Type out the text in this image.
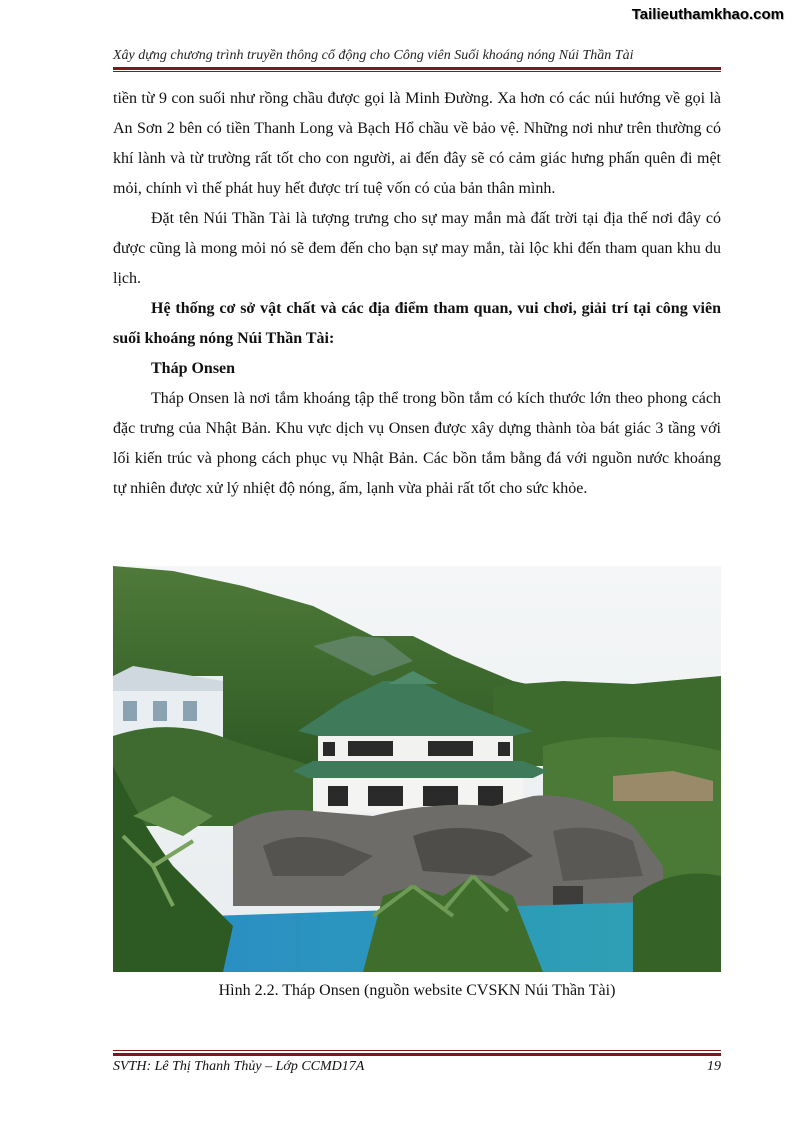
Tailieuthamkhao.com
Xây dựng chương trình truyền thông cổ động cho Công viên Suối khoáng nóng Núi Thần Tài

tiền từ 9 con suối như rồng chầu được gọi là Minh Đường. Xa hơn có các núi hướng về gọi là An Sơn 2 bên có tiền Thanh Long và Bạch Hổ chầu về bảo vệ. Những nơi như trên thường có khí lành và từ trường rất tốt cho con người, ai đến đây sẽ có cảm giác hưng phấn quên đi mệt mỏi, chính vì thế phát huy hết được trí tuệ vốn có của bản thân mình.

Đặt tên Núi Thần Tài là tượng trưng cho sự may mắn mà đất trời tại địa thế nơi đây có được cũng là mong mỏi nó sẽ đem đến cho bạn sự may mắn, tài lộc khi đến tham quan khu du lịch.

Hệ thống cơ sở vật chất và các địa điểm tham quan, vui chơi, giải trí tại công viên suối khoáng nóng Núi Thần Tài:

Tháp Onsen

Tháp Onsen là nơi tắm khoáng tập thể trong bồn tắm có kích thước lớn theo phong cách đặc trưng của Nhật Bản. Khu vực dịch vụ Onsen được xây dựng thành tòa bát giác 3 tầng với lối kiến trúc và phong cách phục vụ Nhật Bản. Các bồn tắm bằng đá với nguồn nước khoáng tự nhiên được xử lý nhiệt độ nóng, ấm, lạnh vừa phải rất tốt cho sức khỏe.

Hình 2.2. Tháp Onsen (nguồn website CVSKN Núi Thần Tài)
SVTH: Lê Thị Thanh Thủy – Lớp CCMD17A	19
